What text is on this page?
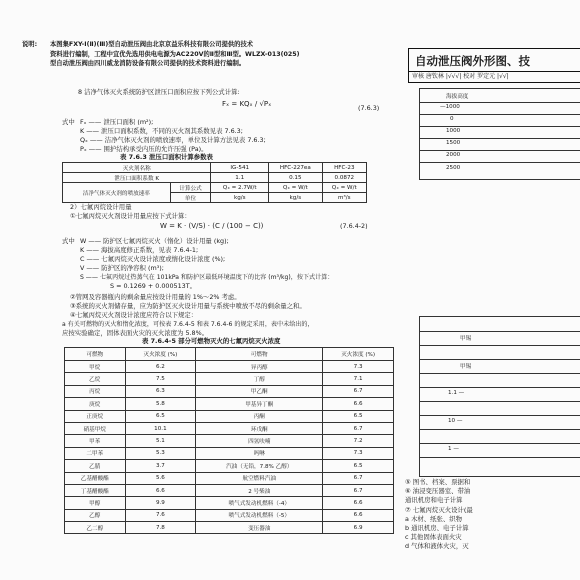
说明: 本图集FXY-Ⅰ(Ⅱ)(Ⅲ)型自动泄压阀由北京京益乐科技有限公司提供的技术
资料进行编制，工程中宜优先选用供电电源为AC220V的Ⅱ型和Ⅲ型。WLZX-013(025)
型自动泄压阀由四川威龙消防设备有限公司提供的技术资料进行编制。	自动泄压阀外形图、技
审核 唐钦林 |√√√| 校对 罗定元 |√√|
8 洁净气体灭火系统防护区泄压口面积应按下列公式计算:
Fₓ = KQₓ / √Pₓ	(7.6.3)
式中 Fₓ —— 泄压口面积 (m²);
K —— 泄压口面积系数，不同的灭火剂其系数见表 7.6.3;
Qₓ —— 洁净气体灭火剂的喷放速率，单位及计算方法见表 7.6.3;
Pₓ —— 围护结构承受内压的允许压强 (Pa)。
表 7.6.3 泄压口面积计算参数表
灭火剂名称		IG-541	HFC-227ea	HFC-23
泄压口面积系数 K		1.1	0.15	0.0872
洁净气体灭火剂的喷放速率	计算公式	Qₓ = 2.7W/t	Qₓ = W/t	Qₓ = W/t
	单位	kg/s	kg/s	m³/s
2）七氟丙烷设计用量
①七氟丙烷灭火剂设计用量应按下式计算：
W = K · (V/S) · (C / (100 − C))	(7.6.4-2)
式中 W —— 防护区七氟丙烷灭火（惰化）设计用量 (kg);
K —— 海拔高度修正系数，见表 7.6.4-1;
C —— 七氟丙烷灭火设计浓度或惰化设计浓度 (%);
V —— 防护区的净容积 (m³);
S —— 七氟丙烷过热蒸气在 101kPa 和防护区最低环境温度下的比容 (m³/kg)，按下式计算：
S = 0.1269 + 0.000513T。
②管网及容器瓶内的剩余量应按设计用量的 1%～2% 考虑。
③系统的灭火剂储存量，应为防护区灭火设计用量与系统中喷放不尽的剩余量之和。
④七氟丙烷灭火剂设计浓度应符合以下规定：
a 有关可燃物的灭火和惰化浓度，可按表 7.6.4-5 和表 7.6.4-6 的规定采用，表中未给出的，
应按实验确定，固体表面火灾的灭火浓度为 5.8%。
表 7.6.4-5 部分可燃物灭火的七氟丙烷灭火浓度
可燃物	灭火浓度 (%)	可燃物	灭火浓度 (%)
甲烷	6.2	异丙醇	7.3
乙烷	7.5	丁醇	7.1
丙烷	6.3	甲乙酮	6.7
庚烷	5.8	甲基异丁酮	6.6
正庚烷	6.5	丙酮	6.5
硝基甲烷	10.1	环戊酮	6.7
甲苯	5.1	四氢呋喃	7.2
二甲苯	5.3	吗啉	7.3
乙腈	3.7	汽油（无铅，7.8% 乙醇）	6.5
乙基醋酸酯	5.6	航空燃料汽油	6.7
丁基醋酸酯	6.6	2 号柴油	6.7
甲醇	9.9	喷气式发动机燃料（-4）	6.6
乙醇	7.6	喷气式发动机燃料（-5）	6.6
乙二醇	7.8	变压器油	6.9
海拔高度
—1000
0
1000
1500
2000
2500
甲锡
甲锡
1.1 —
10 —
1 —
⑤ 图书、档案、票据和
⑥ 油浸变压器室、带油
通讯机房和电子计算
⑦ 七氟丙烷灭火设计(最
a 木材、纸张、织物
b 通讯机房、电子计算
c 其他固体表面火灾
d 气体和液体火灾，灭
